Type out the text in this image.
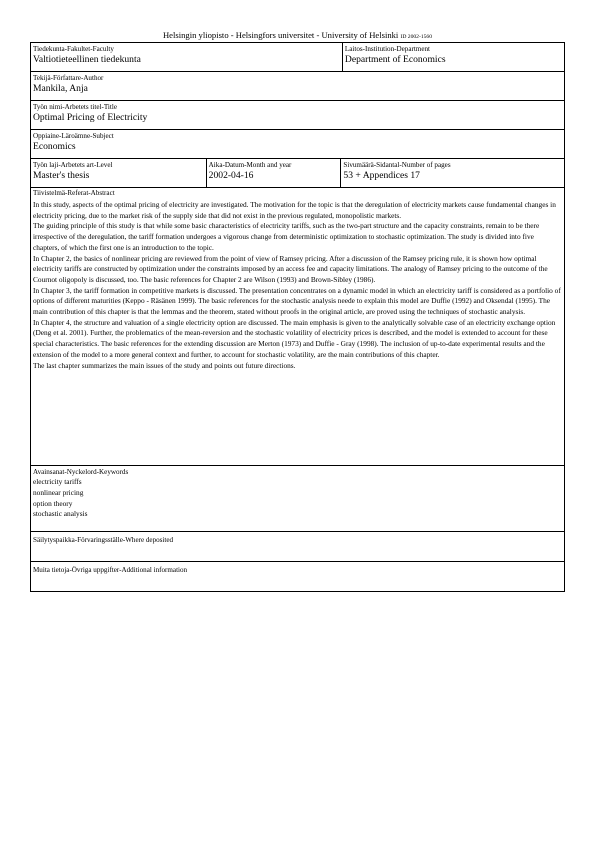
Helsingin yliopisto - Helsingfors universitet - University of Helsinki ID 2002-1560
Tiedekunta-Fakultet-Faculty
Valtiotieteellinen tiedekunta
Laitos-Institution-Department
Department of Economics
Tekijä-Författare-Author
Mankila, Anja
Työn nimi-Arbetets titel-Title
Optimal Pricing of Electricity
Oppiaine-Läroämne-Subject
Economics
Työn laji-Arbetets art-Level
Master's thesis
Aika-Datum-Month and year
2002-04-16
Sivumäärä-Sidantal-Number of pages
53 + Appendices 17
Tiivistelmä-Referat-Abstract

In this study, aspects of the optimal pricing of electricity are investigated. The motivation for the topic is that the deregulation of electricity markets cause fundamental changes in electricity pricing, due to the market risk of the supply side that did not exist in the previous regulated, monopolistic markets.

The guiding principle of this study is that while some basic characteristics of electricity tariffs, such as the two-part structure and the capacity constraints, remain to be there irrespective of the deregulation, the tariff formation undergoes a vigorous change from deterministic optimization to stochastic optimization. The study is divided into five chapters, of which the first one is an introduction to the topic.

In Chapter 2, the basics of nonlinear pricing are reviewed from the point of view of Ramsey pricing. After a discussion of the Ramsey pricing rule, it is shown how optimal electricity tariffs are constructed by optimization under the constraints imposed by an access fee and capacity limitations. The analogy of Ramsey pricing to the outcome of the Cournot oligopoly is discussed, too. The basic references for Chapter 2 are Wilson (1993) and Brown-Sibley (1986).

In Chapter 3, the tariff formation in competitive markets is discussed. The presentation concentrates on a dynamic model in which an electricity tariff is considered as a portfolio of options of different maturities (Keppo - Räsänen 1999). The basic references for the stochastic analysis neede to explain this model are Duffie (1992) and Oksendal (1995). The main contribution of this chapter is that the lemmas and the theorem, stated without proofs in the original article, are proved using the techniques of stochastic analysis.

In Chapter 4, the structure and valuation of a single electricity option are discussed. The main emphasis is given to the analytically solvable case of an electricity exchange option (Deng et al. 2001). Further, the problematics of the mean-reversion and the stochastic volatility of electricity prices is described, and the model is extended to account for these special characteristics. The basic references for the extending discussion are Merton (1973) and Duffie - Gray (1998). The inclusion of up-to-date experimental results and the extension of the model to a more general context and further, to account for stochastic volatility, are the main contributions of this chapter.

The last chapter summarizes the main issues of the study and points out future directions.

Avainsanat-Nyckelord-Keywords
electricity tariffs
nonlinear pricing
option theory
stochastic analysis
Säilytyspaikka-Förvaringsställe-Where deposited
Muita tietoja-Övriga uppgifter-Additional information
